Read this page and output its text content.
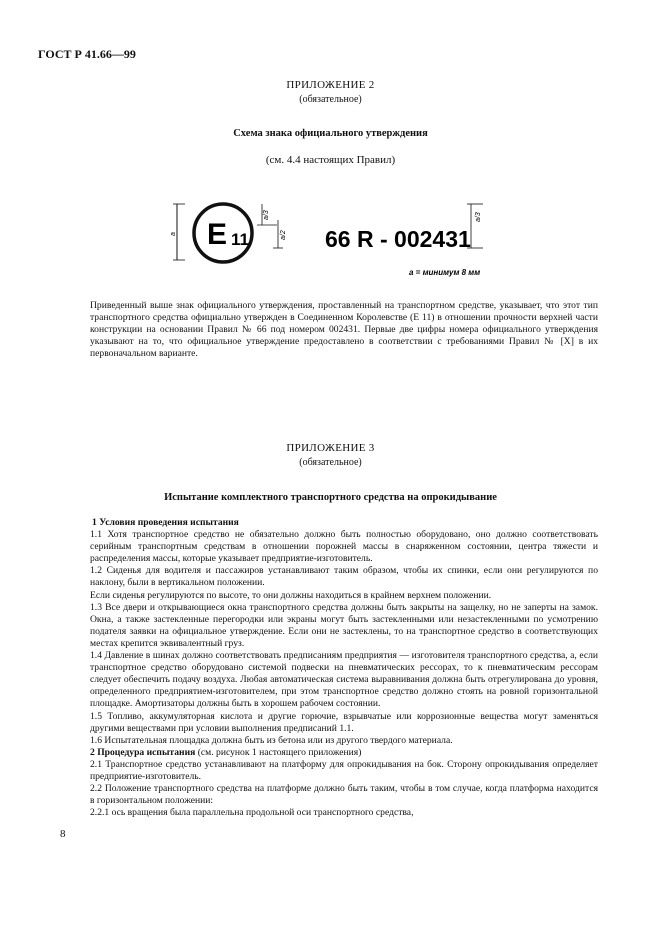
ГОСТ Р 41.66—99
ПРИЛОЖЕНИЕ 2
(обязательное)
Схема знака официального утверждения
(см. 4.4 настоящих Правил)
a E 11
a/3
a/2 66 R - 002431
a/3
a = минимум 8 мм
Приведенный выше знак официального утверждения, проставленный на транспортном средстве, указывает, что этот тип транспортного средства официально утвержден в Соединенном Королевстве (E 11) в отношении прочности верхней части конструкции на основании Правил № 66 под номером 002431. Первые две цифры номера официального утверждения указывают на то, что официальное утверждение предоставлено в соответствии с требованиями Правил № [X] в их первоначальном варианте.
ПРИЛОЖЕНИЕ 3
(обязательное)
Испытание комплектного транспортного средства на опрокидывание

1 Условия проведения испытания

1.1 Хотя транспортное средство не обязательно должно быть полностью оборудовано, оно должно соответствовать серийным транспортным средствам в отношении порожней массы в снаряженном состоянии, центра тяжести и распределения массы, которые указывает предприятие-изготовитель.

1.2 Сиденья для водителя и пассажиров устанавливают таким образом, чтобы их спинки, если они регулируются по наклону, были в вертикальном положении.

Если сиденья регулируются по высоте, то они должны находиться в крайнем верхнем положении.

1.3 Все двери и открывающиеся окна транспортного средства должны быть закрыты на защелку, но не заперты на замок. Окна, а также застекленные перегородки или экраны могут быть застекленными или незастекленными по усмотрению подателя заявки на официальное утверждение. Если они не застеклены, то на транспортное средство в соответствующих местах крепится эквивалентный груз.

1.4 Давление в шинах должно соответствовать предписаниям предприятия — изготовителя транспортного средства, а, если транспортное средство оборудовано системой подвески на пневматических рессорах, то к пневматическим рессорам следует обеспечить подачу воздуха. Любая автоматическая система выравнивания должна быть отрегулирована до уровня, определенного предприятием-изготовителем, при этом транспортное средство должно стоять на ровной горизонтальной площадке. Амортизаторы должны быть в хорошем рабочем состоянии.

1.5 Топливо, аккумуляторная кислота и другие горючие, взрывчатые или коррозионные вещества могут заменяться другими веществами при условии выполнения предписаний 1.1.

1.6 Испытательная площадка должна быть из бетона или из другого твердого материала.

2 Процедура испытания (см. рисунок 1 настоящего приложения)

2.1 Транспортное средство устанавливают на платформу для опрокидывания на бок. Сторону опрокидывания определяет предприятие-изготовитель.

2.2 Положение транспортного средства на платформе должно быть таким, чтобы в том случае, когда платформа находится в горизонтальном положении:

2.2.1 ось вращения была параллельна продольной оси транспортного средства,

8
